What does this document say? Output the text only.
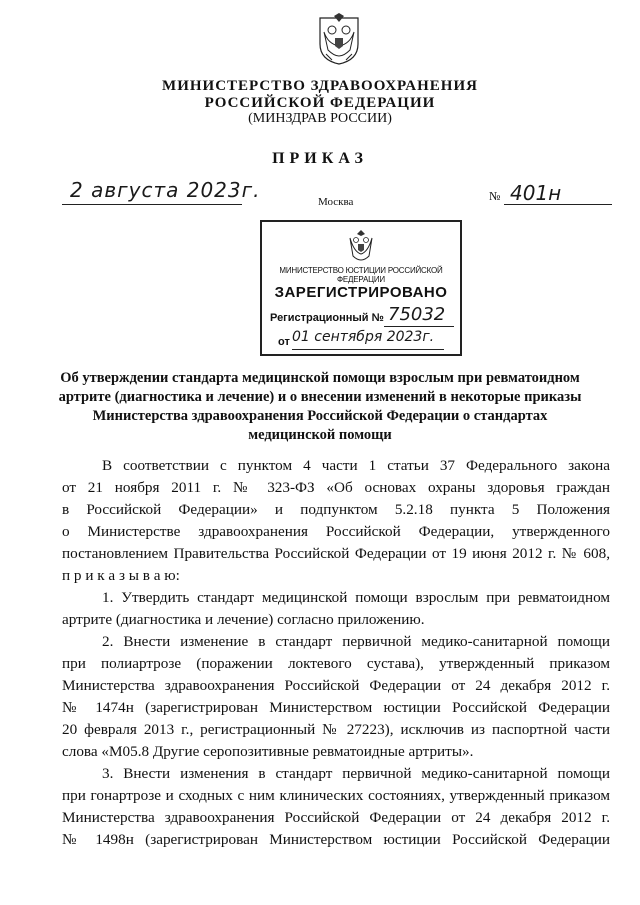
МИНИСТЕРСТВО ЗДРАВООХРАНЕНИЯ
РОССИЙСКОЙ ФЕДЕРАЦИИ
(МИНЗДРАВ РОССИИ)
ПРИКАЗ
2 августа 2023г.	Москва	№ 401н
МИНИСТЕРСТВО ЮСТИЦИИ РОССИЙСКОЙ ФЕДЕРАЦИИ
ЗАРЕГИСТРИРОВАНО
Регистрационный № 75032
от 01 сентября 2023г.
Об утверждении стандарта медицинской помощи взрослым при ревматоидном
артрите (диагностика и лечение) и о внесении изменений в некоторые приказы
Министерства здравоохранения Российской Федерации о стандартах
медицинской помощи
В соответствии с пунктом 4 части 1 статьи 37 Федерального закона
от 21 ноября 2011 г. № 323-ФЗ «Об основах охраны здоровья граждан
в Российской Федерации» и подпунктом 5.2.18 пункта 5 Положения
о Министерстве здравоохранения Российской Федерации, утвержденного
постановлением Правительства Российской Федерации от 19 июня 2012 г. № 608,
п р и к а з ы в а ю:
1. Утвердить стандарт медицинской помощи взрослым при ревматоидном
артрите (диагностика и лечение) согласно приложению.
2. Внести изменение в стандарт первичной медико-санитарной помощи
при полиартрозе (поражении локтевого сустава), утвержденный приказом
Министерства здравоохранения Российской Федерации от 24 декабря 2012 г.
№ 1474н (зарегистрирован Министерством юстиции Российской Федерации
20 февраля 2013 г., регистрационный № 27223), исключив из паспортной части
слова «M05.8 Другие серопозитивные ревматоидные артриты».
3. Внести изменения в стандарт первичной медико-санитарной помощи
при гонартрозе и сходных с ним клинических состояниях, утвержденный приказом
Министерства здравоохранения Российской Федерации от 24 декабря 2012 г.
№ 1498н (зарегистрирован Министерством юстиции Российской Федерации
